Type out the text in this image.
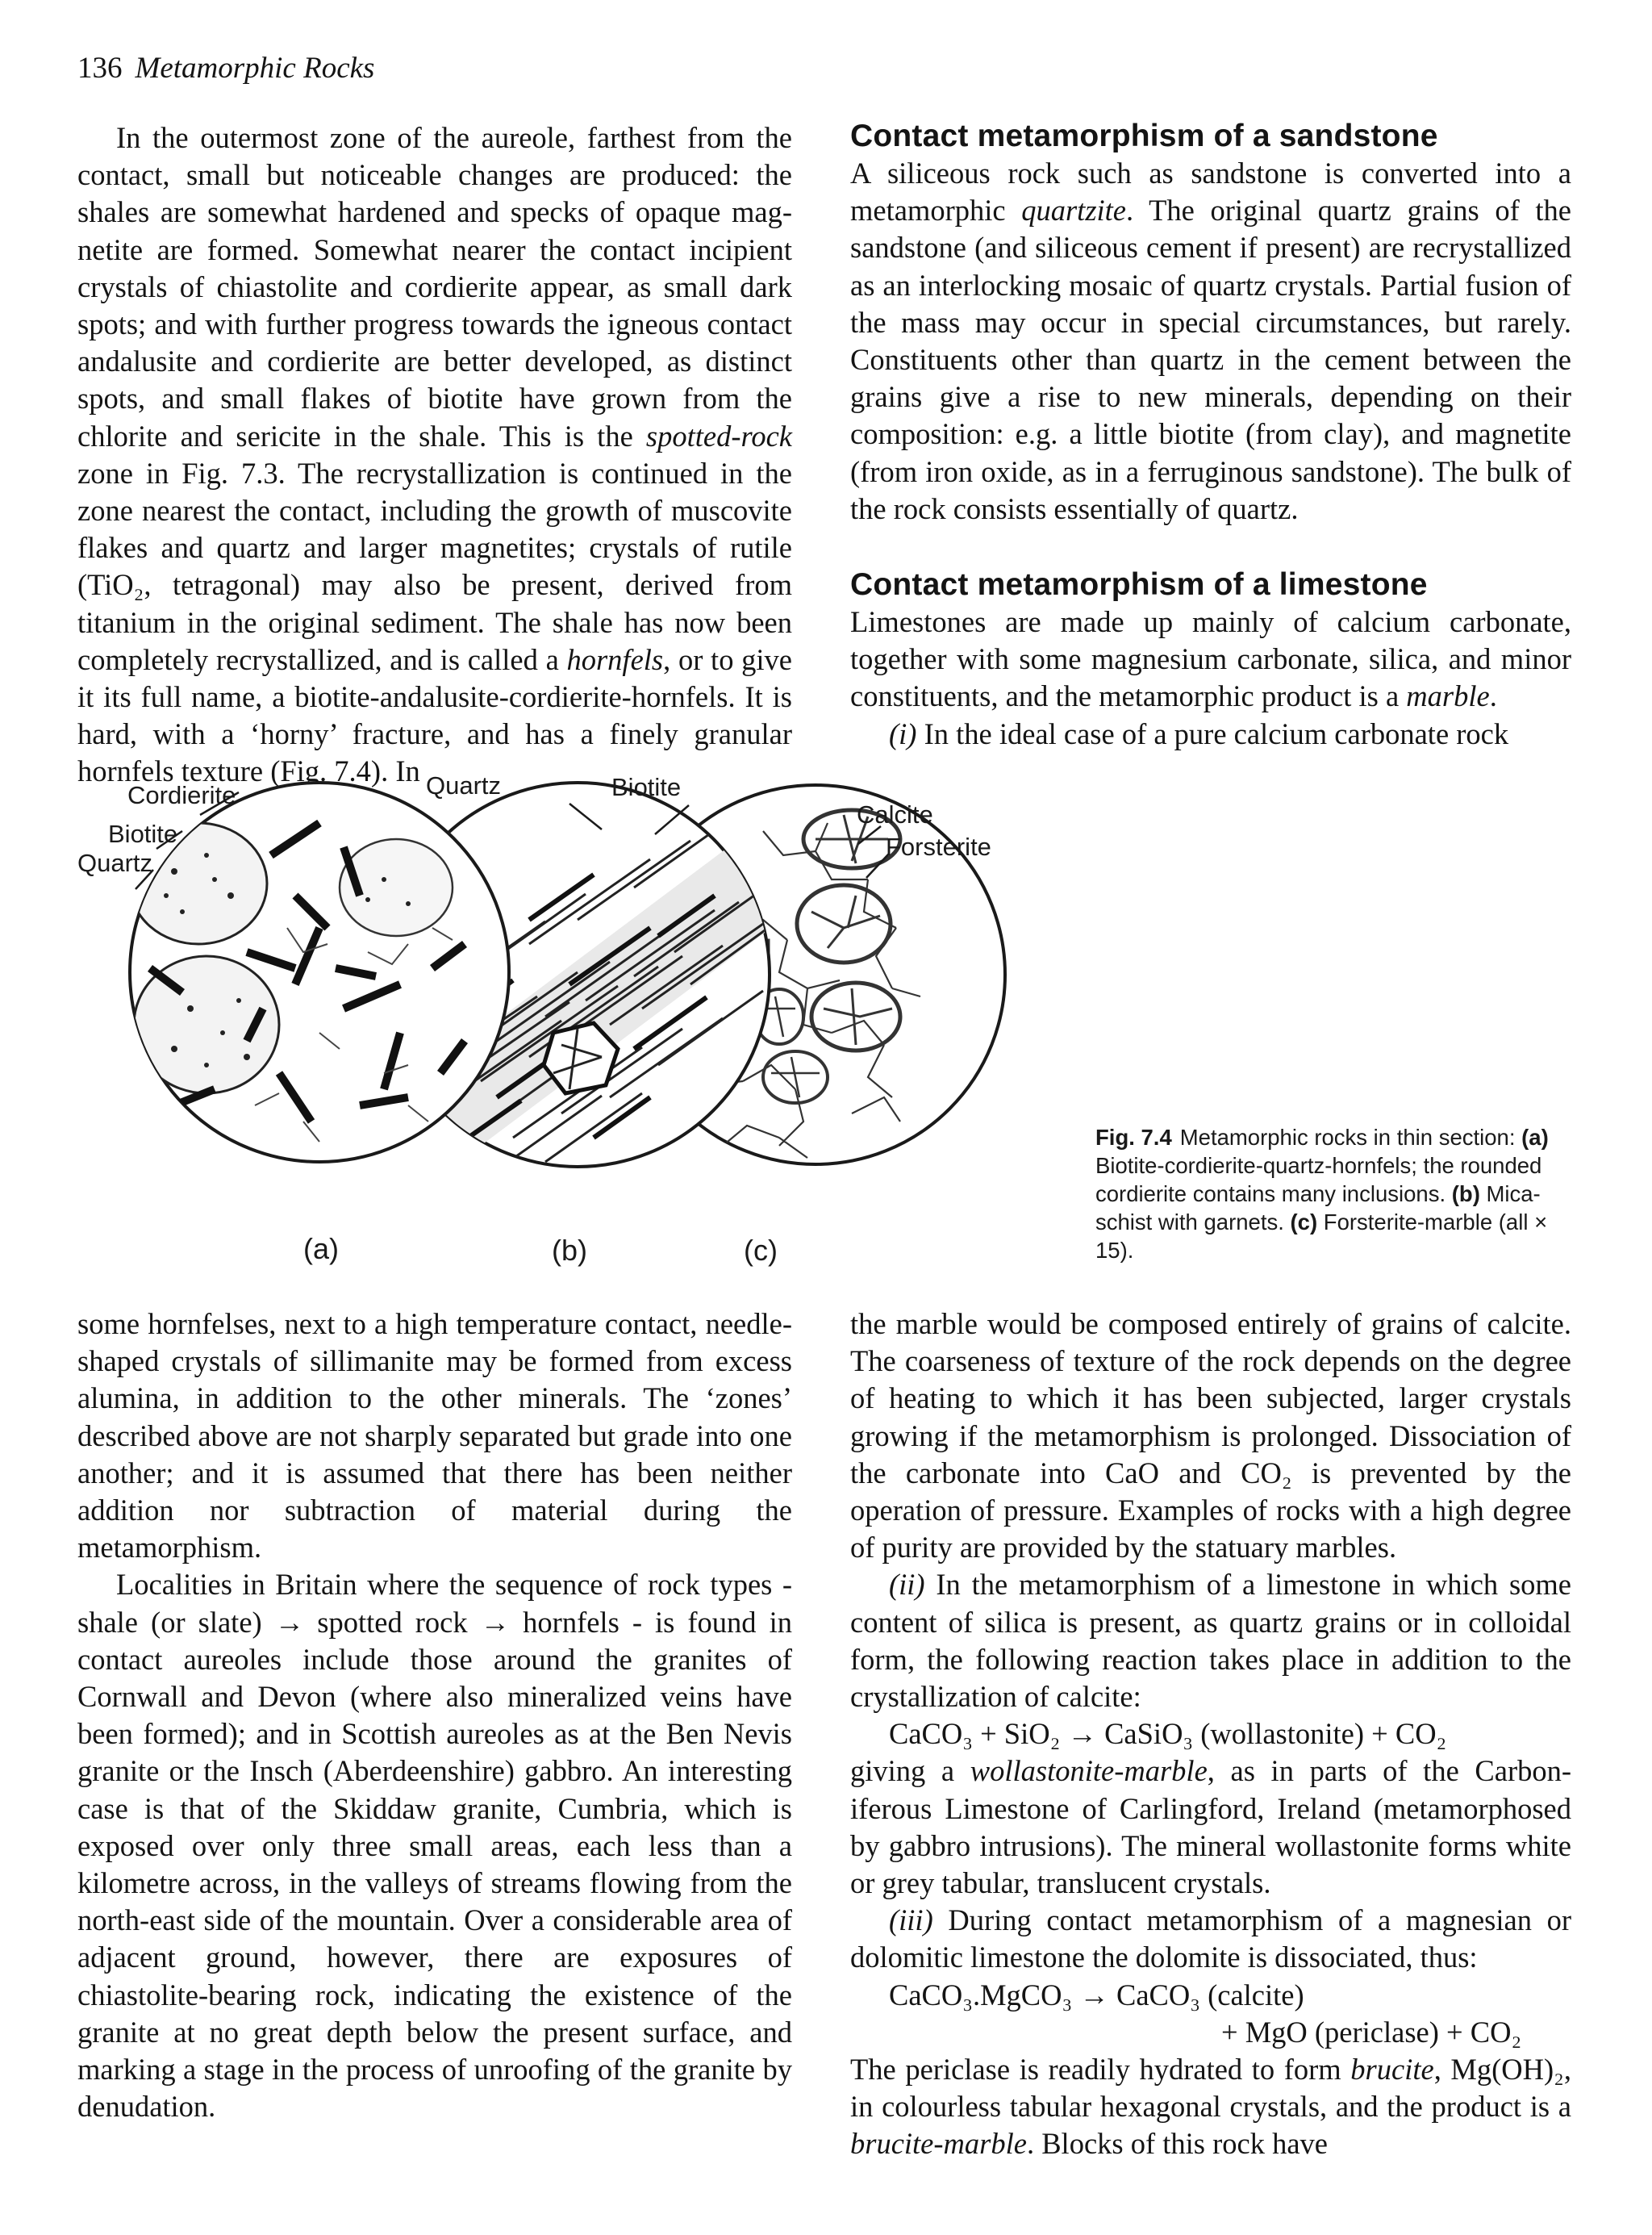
136 Metamorphic Rocks

In the outermost zone of the aureole, farthest from the contact, small but noticeable changes are produced: the shales are somewhat hardened and specks of opaque magnetite are formed. Somewhat nearer the contact incipient crystals of chiastolite and cordierite appear, as small dark spots; and with further progress towards the igneous contact andalusite and cordierite are better developed, as distinct spots, and small flakes of biotite have grown from the chlorite and sericite in the shale. This is the spotted-rock zone in Fig. 7.3. The recrystallization is continued in the zone nearest the contact, including the growth of muscovite flakes and quartz and larger magnetites; crystals of rutile (TiO₂, tetragonal) may also be present, derived from titanium in the original sediment. The shale has now been completely recrystallized, and is called a hornfels, or to give it its full name, a biotite-andalusite-cordierite-hornfels. It is hard, with a ‘horny’ fracture, and has a finely granular hornfels texture (Fig. 7.4). In

Contact metamorphism of a sandstone

A siliceous rock such as sandstone is converted into a metamorphic quartzite. The original quartz grains of the sandstone (and siliceous cement if present) are recrystallized as an interlocking mosaic of quartz crystals. Partial fusion of the mass may occur in special circumstances, but rarely. Constituents other than quartz in the cement between the grains give a rise to new minerals, depending on their composition: e.g. a little biotite (from clay), and magnetite (from iron oxide, as in a ferruginous sandstone). The bulk of the rock consists essentially of quartz.

Contact metamorphism of a limestone

Limestones are made up mainly of calcium carbonate, together with some magnesium carbonate, silica, and minor constituents, and the metamorphic product is a marble.

(i) In the ideal case of a pure calcium carbonate rock

Cordierite
Biotite
Quartz
Quartz	Biotite
Calcite
Forsterite
(a)	(b)	(c)
Fig. 7.4 Metamorphic rocks in thin section: (a) Biotite-cordierite-quartz-hornfels; the rounded cordierite contains many inclusions. (b) Mica-schist with garnets. (c) Forsterite-marble (all × 15).

some hornfelses, next to a high temperature contact, needle-shaped crystals of sillimanite may be formed from excess alumina, in addition to the other minerals. The ‘zones’ described above are not sharply separated but grade into one another; and it is assumed that there has been neither addition nor subtraction of material during the metamorphism.

Localities in Britain where the sequence of rock types - shale (or slate) → spotted rock → hornfels - is found in contact aureoles include those around the granites of Cornwall and Devon (where also mineralized veins have been formed); and in Scottish aureoles as at the Ben Nevis granite or the Insch (Aberdeenshire) gabbro. An interesting case is that of the Skiddaw granite, Cumbria, which is exposed over only three small areas, each less than a kilometre across, in the valleys of streams flowing from the north-east side of the mountain. Over a considerable area of adjacent ground, however, there are exposures of chiastolite-bearing rock, indicating the existence of the granite at no great depth below the present surface, and marking a stage in the process of unroofing of the granite by denudation.

the marble would be composed entirely of grains of calcite. The coarseness of texture of the rock depends on the degree of heating to which it has been subjected, larger crystals growing if the metamorphism is prolonged. Dissociation of the carbonate into CaO and CO₂ is prevented by the operation of pressure. Examples of rocks with a high degree of purity are provided by the statuary marbles.

(ii) In the metamorphism of a limestone in which some content of silica is present, as quartz grains or in colloidal form, the following reaction takes place in addition to the crystallization of calcite:

CaCO₃ + SiO₂ → CaSiO₃ (wollastonite) + CO₂

giving a wollastonite-marble, as in parts of the Carboniferous Limestone of Carlingford, Ireland (metamorphosed by gabbro intrusions). The mineral wollastonite forms white or grey tabular, translucent crystals.

(iii) During contact metamorphism of a magnesian or dolomitic limestone the dolomite is dissociated, thus:

CaCO₃.MgCO₃ → CaCO₃ (calcite)

+ MgO (periclase) + CO₂

The periclase is readily hydrated to form brucite, Mg(OH)₂, in colourless tabular hexagonal crystals, and the product is a brucite-marble. Blocks of this rock have
